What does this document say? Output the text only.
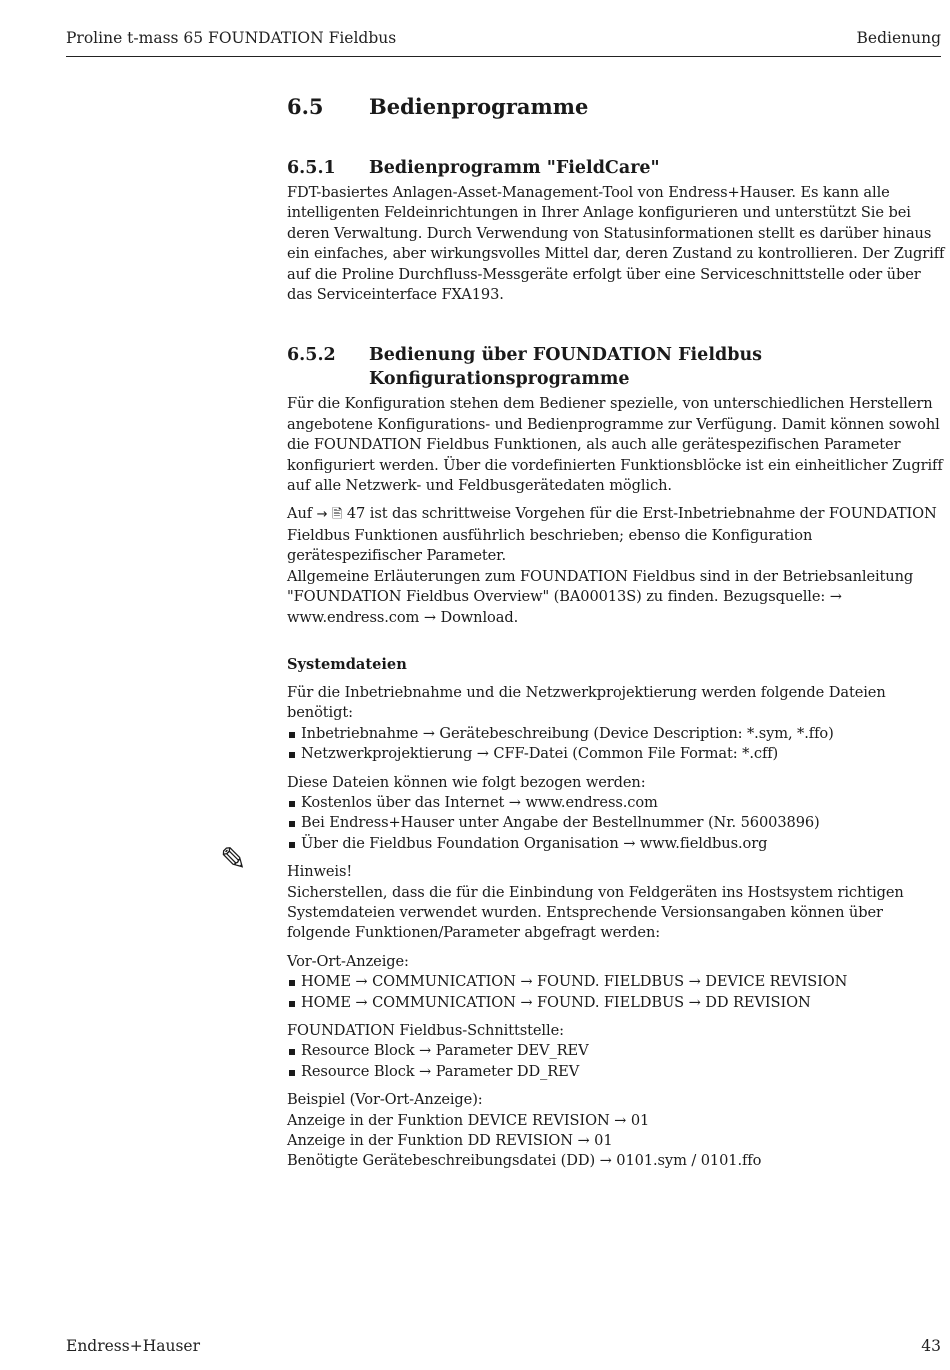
Proline t-mass 65 FOUNDATION Fieldbus	Bedienung
✎
6.5	Bedienprogramme
6.5.1	Bedienprogramm "FieldCare"

FDT-basiertes Anlagen-Asset-Management-Tool von Endress+Hauser. Es kann alle intelligenten Feldeinrichtungen in Ihrer Anlage konfigurieren und unterstützt Sie bei deren Verwaltung. Durch Verwendung von Statusinformationen stellt es darüber hinaus ein einfaches, aber wirkungsvolles Mittel dar, deren Zustand zu kontrollieren. Der Zugriff auf die Proline Durchfluss-Messgeräte erfolgt über eine Serviceschnittstelle oder über das Serviceinterface FXA193.

6.5.2	Bedienung über FOUNDATION Fieldbus
Konfigurationsprogramme

Für die Konfiguration stehen dem Bediener spezielle, von unterschiedlichen Herstellern angebotene Konfigurations- und Bedienprogramme zur Verfügung. Damit können sowohl die FOUNDATION Fieldbus Funktionen, als auch alle gerätespezifischen Parameter konfiguriert werden. Über die vordefinierten Funktionsblöcke ist ein einheitlicher Zugriff auf alle Netzwerk- und Feldbusgerätedaten möglich.

Auf → 🖹 47 ist das schrittweise Vorgehen für die Erst-Inbetriebnahme der FOUNDATION Fieldbus Funktionen ausführlich beschrieben; ebenso die Konfiguration gerätespezifischer Parameter.

Allgemeine Erläuterungen zum FOUNDATION Fieldbus sind in der Betriebsanleitung "FOUNDATION Fieldbus Overview" (BA00013S) zu finden. Bezugsquelle: → www.endress.com → Download.

Systemdateien

Für die Inbetriebnahme und die Netzwerkprojektierung werden folgende Dateien benötigt:

Inbetriebnahme → Gerätebeschreibung (Device Description: *.sym, *.ffo)
Netzwerkprojektierung → CFF-Datei (Common File Format: *.cff)

Diese Dateien können wie folgt bezogen werden:

Kostenlos über das Internet → www.endress.com
Bei Endress+Hauser unter Angabe der Bestellnummer (Nr. 56003896)
Über die Fieldbus Foundation Organisation → www.fieldbus.org

Hinweis!

Sicherstellen, dass die für die Einbindung von Feldgeräten ins Hostsystem richtigen Systemdateien verwendet wurden. Entsprechende Versionsangaben können über folgende Funktionen/Parameter abgefragt werden:

Vor-Ort-Anzeige:

HOME → COMMUNICATION → FOUND. FIELDBUS → DEVICE REVISION
HOME → COMMUNICATION → FOUND. FIELDBUS → DD REVISION

FOUNDATION Fieldbus-Schnittstelle:

Resource Block → Parameter DEV_REV
Resource Block → Parameter DD_REV

Beispiel (Vor-Ort-Anzeige):

Anzeige in der Funktion DEVICE REVISION → 01

Anzeige in der Funktion DD REVISION → 01

Benötigte Gerätebeschreibungsdatei (DD) → 0101.sym / 0101.ffo

Endress+Hauser	43
